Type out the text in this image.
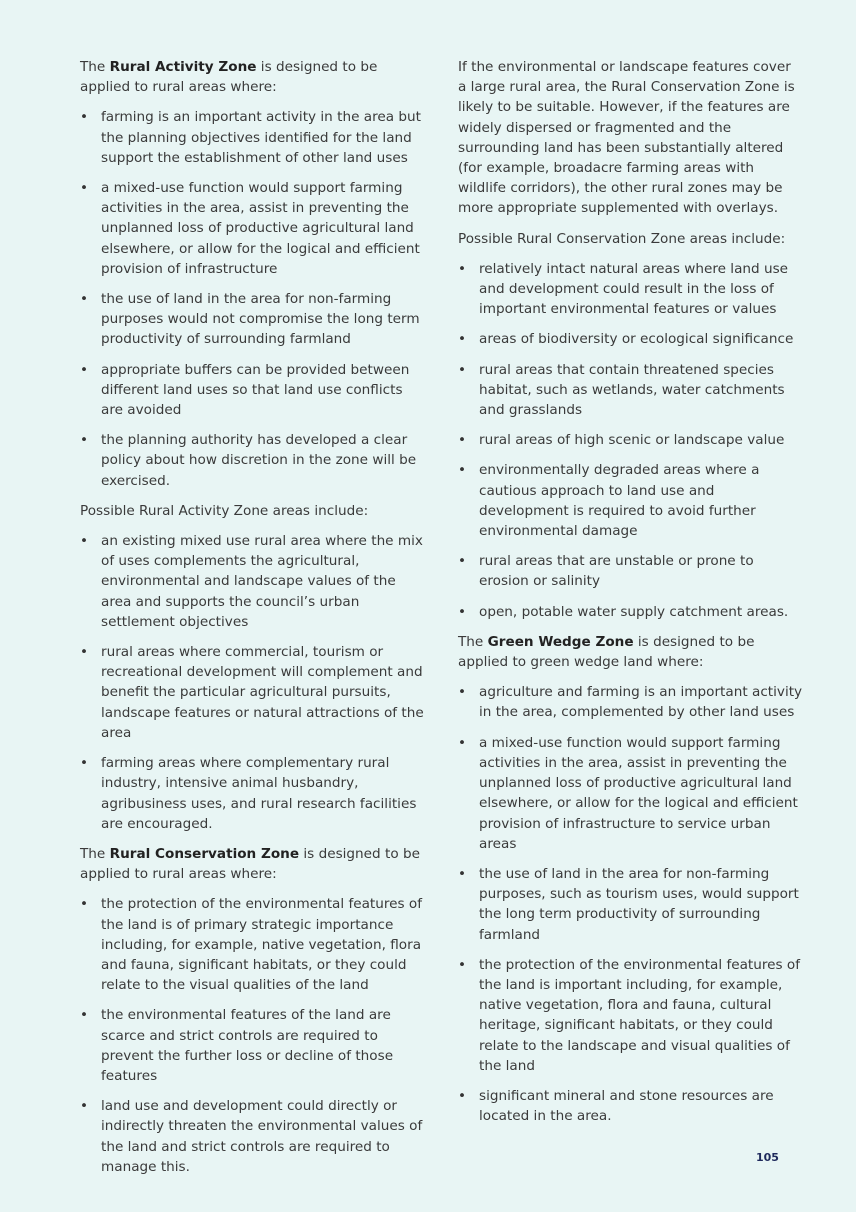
The Rural Activity Zone is designed to be applied to rural areas where:

• farming is an important activity in the area but the planning objectives identified for the land support the establishment of other land uses
• a mixed-use function would support farming activities in the area, assist in preventing the unplanned loss of productive agricultural land elsewhere, or allow for the logical and efficient provision of infrastructure
• the use of land in the area for non-farming purposes would not compromise the long term productivity of surrounding farmland
• appropriate buffers can be provided between different land uses so that land use conflicts are avoided
• the planning authority has developed a clear policy about how discretion in the zone will be exercised.

Possible Rural Activity Zone areas include:

• an existing mixed use rural area where the mix of uses complements the agricultural, environmental and landscape values of the area and supports the council’s urban settlement objectives
• rural areas where commercial, tourism or recreational development will complement and benefit the particular agricultural pursuits, landscape features or natural attractions of the area
• farming areas where complementary rural industry, intensive animal husbandry, agribusiness uses, and rural research facilities are encouraged.

The Rural Conservation Zone is designed to be applied to rural areas where:

• the protection of the environmental features of the land is of primary strategic importance including, for example, native vegetation, flora and fauna, significant habitats, or they could relate to the visual qualities of the land
• the environmental features of the land are scarce and strict controls are required to prevent the further loss or decline of those features
• land use and development could directly or indirectly threaten the environmental values of the land and strict controls are required to manage this.

If the environmental or landscape features cover a large rural area, the Rural Conservation Zone is likely to be suitable. However, if the features are widely dispersed or fragmented and the surrounding land has been substantially altered (for example, broadacre farming areas with wildlife corridors), the other rural zones may be more appropriate supplemented with overlays.

Possible Rural Conservation Zone areas include:

• relatively intact natural areas where land use and development could result in the loss of important environmental features or values
• areas of biodiversity or ecological significance
• rural areas that contain threatened species habitat, such as wetlands, water catchments and grasslands
• rural areas of high scenic or landscape value
• environmentally degraded areas where a cautious approach to land use and development is required to avoid further environmental damage
• rural areas that are unstable or prone to erosion or salinity
• open, potable water supply catchment areas.

The Green Wedge Zone is designed to be applied to green wedge land where:

• agriculture and farming is an important activity in the area, complemented by other land uses
• a mixed-use function would support farming activities in the area, assist in preventing the unplanned loss of productive agricultural land elsewhere, or allow for the logical and efficient provision of infrastructure to service urban areas
• the use of land in the area for non-farming purposes, such as tourism uses, would support the long term productivity of surrounding farmland
• the protection of the environmental features of the land is important including, for example, native vegetation, flora and fauna, cultural heritage, significant habitats, or they could relate to the landscape and visual qualities of the land
• significant mineral and stone resources are located in the area.
105
